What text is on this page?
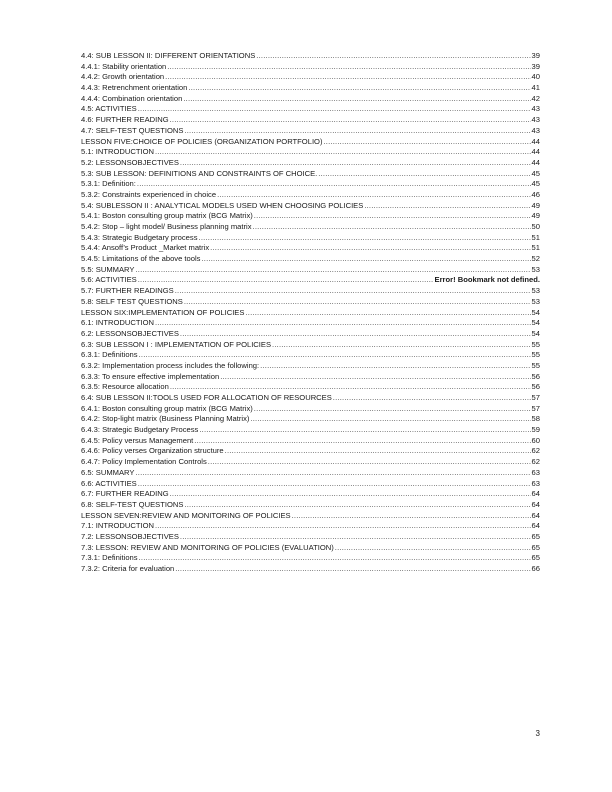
4.4: SUB LESSON II: DIFFERENT ORIENTATIONS .....	39
4.4.1: Stability orientation .....	39
4.4.2: Growth orientation .....	40
4.4.3: Retrenchment orientation .....	41
4.4.4: Combination orientation .....	42
4.5: ACTIVITIES .....	43
4.6: FURTHER READING .....	43
4.7: SELF-TEST QUESTIONS .....	43
LESSON FIVE:CHOICE OF POLICIES (ORGANIZATION PORTFOLIO) .....	44
5.1: INTRODUCTION .....	44
5.2: LESSONSOBJECTIVES .....	44
5.3: SUB LESSON: DEFINITIONS AND CONSTRAINTS OF CHOICE. .....	45
5.3.1: Definition: .....	45
5.3.2: Constraints experienced in choice .....	46
5.4: SUBLESSON II : ANALYTICAL MODELS USED WHEN CHOOSING POLICIES .....	49
5.4.1: Boston consulting group matrix (BCG Matrix) .....	49
5.4.2: Stop – light model/ Business planning matrix .....	50
5.4.3: Strategic Budgetary process .....	51
5.4.4: Ansoff’s Product _Market matrix .....	51
5.4.5: Limitations of the above tools .....	52
5.5: SUMMARY .....	53
5.6: ACTIVITIES .....	Error! Bookmark not defined.
5.7: FURTHER READINGS .....	53
5.8: SELF TEST QUESTIONS .....	53
LESSON SIX:IMPLEMENTATION OF POLICIES .....	54
6.1: INTRODUCTION .....	54
6.2: LESSONSOBJECTIVES .....	54
6.3: SUB LESSON I : IMPLEMENTATION OF POLICIES .....	55
6.3.1: Definitions .....	55
6.3.2: Implementation process includes the following: .....	55
6.3.3: To ensure effective implementation .....	56
6.3.5: Resource allocation .....	56
6.4: SUB LESSON II:TOOLS USED FOR ALLOCATION OF RESOURCES .....	57
6.4.1: Boston consulting group matrix (BCG Matrix) .....	57
6.4.2: Stop-light matrix (Business Planning Matrix) .....	58
6.4.3: Strategic Budgetary Process .....	59
6.4.5: Policy versus Management .....	60
6.4.6: Policy verses Organization structure .....	62
6.4.7: Policy Implementation Controls .....	62
6.5: SUMMARY .....	63
6.6: ACTIVITIES .....	63
6.7: FURTHER READING .....	64
6.8: SELF-TEST QUESTIONS .....	64
LESSON SEVEN:REVIEW AND MONITORING OF POLICIES .....	64
7.1: INTRODUCTION .....	64
7.2: LESSONSOBJECTIVES .....	65
7.3: LESSON: REVIEW AND MONITORING OF POLICIES (EVALUATION) .....	65
7.3.1: Definitions .....	65
7.3.2: Criteria for evaluation .....	66
3
